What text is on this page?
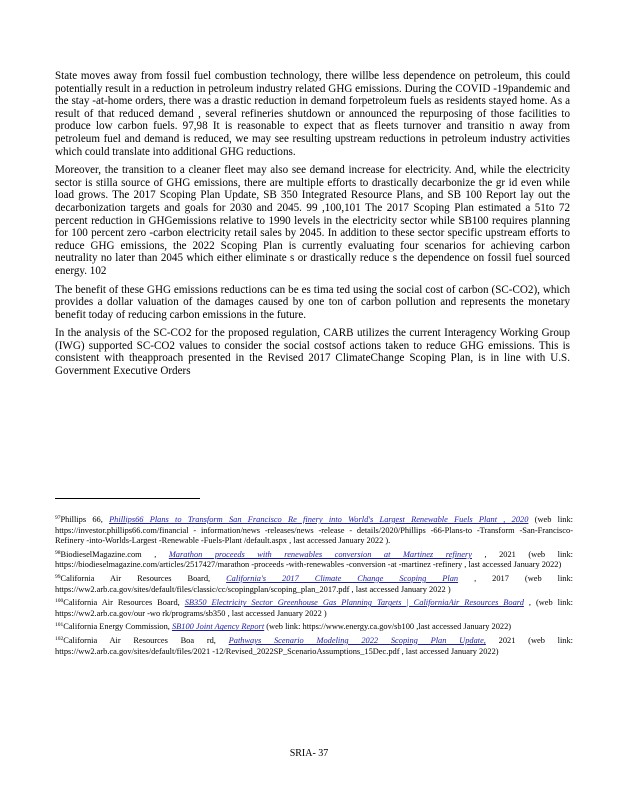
State moves away from fossil fuel combustion technology, there willbe less dependence on petroleum, this could potentially result in a reduction in petroleum industry related GHG emissions. During the COVID -19pandemic and the stay -at-home orders, there was a drastic reduction in demand forpetroleum fuels as residents stayed home. As a result of that reduced demand , several refineries shutdown or announced the repurposing of those facilities to produce low carbon fuels. 97,98 It is reasonable to expect that as fleets turnover and transitio n away from petroleum fuel and demand is reduced, we may see resulting upstream reductions in petroleum industry activities which could translate into additional GHG reductions.

Moreover, the transition to a cleaner fleet may also see demand increase for electricity. And, while the electricity sector is stilla source of GHG emissions, there are multiple efforts to drastically decarbonize the gr id even while load grows. The 2017 Scoping Plan Update, SB 350 Integrated Resource Plans, and SB 100 Report lay out the decarbonization targets and goals for 2030 and 2045. 99 ,100,101 The 2017 Scoping Plan estimated a 51to 72 percent reduction in GHGemissions relative to 1990 levels in the electricity sector while SB100 requires planning for 100 percent zero -carbon electricity retail sales by 2045. In addition to these sector specific upstream efforts to reduce GHG emissions, the 2022 Scoping Plan is currently evaluating four scenarios for achieving carbon neutrality no later than 2045 which either eliminate s or drastically reduce s the dependence on fossil fuel sourced energy. 102

The benefit of these GHG emissions reductions can be es tima ted using the social cost of carbon (SC-CO2), which provides a dollar valuation of the damages caused by one ton of carbon pollution and represents the monetary benefit today of reducing carbon emissions in the future.

In the analysis of the SC-CO2 for the proposed regulation, CARB utilizes the current Interagency Working Group (IWG) supported SC-CO2 values to consider the social costsof actions taken to reduce GHG emissions. This is consistent with theapproach presented in the Revised 2017 ClimateChange Scoping Plan, is in line with U.S. Government Executive Orders

$^{97}$Phillips 66, Phillips66 Plans to Transform San Francisco Re finery into World's Largest Renewable Fuels Plant , 2020 (web link: https://investor.phillips66.com/financial - information/news -releases/news -release - details/2020/Phillips -66-Plans-to -Transform -San-Francisco- Refinery -into-Worlds-Largest -Renewable -Fuels-Plant /default.aspx , last accessed January 2022 ).

$^{98}$BiodieselMagazine.com , Marathon proceeds with renewables conversion at Martinez refinery , 2021 (web link: https://biodieselmagazine.com/articles/2517427/marathon -proceeds -with-renewables -conversion -at -martinez -refinery , last accessed January 2022)

$^{99}$California Air Resources Board, California's 2017 Climate Change Scoping Plan , 2017 (web link: https://ww2.arb.ca.gov/sites/default/files/classic/cc/scopingplan/scoping_plan_2017.pdf , last accessed January 2022 )

$^{100}$California Air Resources Board, SB350 Electricity Sector Greenhouse Gas Planning Targets | CaliforniaAir Resources Board , (web link: https://ww2.arb.ca.gov/our -wo rk/programs/sb350 , last accessed January 2022 )

$^{101}$California Energy Commission, SB100 Joint Agency Report (web link: https://www.energy.ca.gov/sb100 ,last accessed January 2022)

$^{102}$California Air Resources Boa rd, Pathways Scenario Modeling 2022 Scoping Plan Update, 2021 (web link: https://ww2.arb.ca.gov/sites/default/files/2021 -12/Revised_2022SP_ScenarioAssumptions_15Dec.pdf , last accessed January 2022)

SRIA- 37
